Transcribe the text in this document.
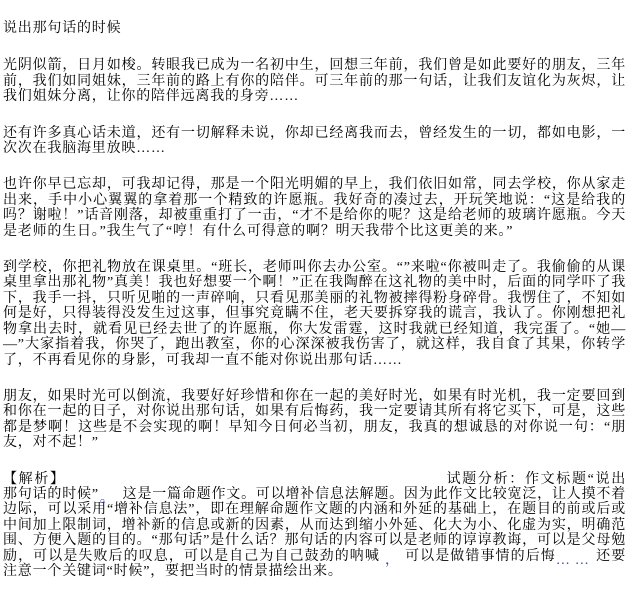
说出那句话的时候

光阴似箭，日月如梭。转眼我已成为一名初中生，回想三年前，我们曾是如此要好的朋友，三年前，我们如同姐妹，三年前的路上有你的陪伴。可三年前的那一句话，让我们友谊化为灰烬，让我们姐妹分离，让你的陪伴远离我的身旁……

还有许多真心话未道，还有一切解释未说，你却已经离我而去，曾经发生的一切，都如电影，一次次在我脑海里放映……

也许你早已忘却，可我却记得，那是一个阳光明媚的早上，我们依旧如常，同去学校，你从家走出来，手中小心翼翼的拿着那一个精致的许愿瓶。我好奇的凑过去，开玩笑地说：“这是给我的吗？谢啦！”话音刚落，却被重重打了一击，“才不是给你的呢？这是给老师的玻璃许愿瓶。今天是老师的生日。”我生气了“哼！有什么可得意的啊？明天我带个比这更美的来。”

到学校，你把礼物放在课桌里。“班长，老师叫你去办公室。“”来啦“你被叫走了。我偷偷的从课桌里拿出那礼物”真美！我也好想要一个啊！”正在我陶醉在这礼物的美中时，后面的同学吓了我下，我手一抖，只听见啪的一声碎响，只看见那美丽的礼物被摔得粉身碎骨。我愣住了，不知如何是好，只得装得没发生过这事，但事究竟瞒不住，老天要拆穿我的谎言，我认了。你刚想把礼物拿出去时，就看见已经去世了的许愿瓶，你大发雷霆，这时我就已经知道，我完蛋了。“她——”大家指着我，你哭了，跑出教室，你的心深深被我伤害了，就这样，我自食了其果，你转学了，不再看见你的身影，可我却一直不能对你说出那句话……

朋友，如果时光可以倒流，我要好好珍惜和你在一起的美好时光，如果有时光机，我一定要回到和你在一起的日子，对你说出那句话，如果有后悔药，我一定要请其所有将它买下，可是，这些都是梦啊！这些是不会实现的啊！早知今日何必当初，朋友，我真的想诚恳的对你说一句：“朋友，对不起！”

【解析】	试题分析：作文标题“说出那句话的时候”。 这是一篇命题作文。可以增补信息法解题。因为此作文比较宽泛，让人摸不着边际，可以采用“增补信息法”，即在理解命题作文题的内涵和外延的基础上，在题目的前或后或中间加上限制词，增补新的信息或新的因素，从而达到缩小外延、化大为小、化虚为实，明确范围、方便入题的目的。“那句话”是什么话？那句话的内容可以是老师的谆谆教诲，可以是父母勉励，可以是失败后的叹息，可以是自己为自己鼓劲的呐喊 ， 可以是做错事情的后悔…… 还要注意一个关键词“时候”，要把当时的情景描绘出来。
